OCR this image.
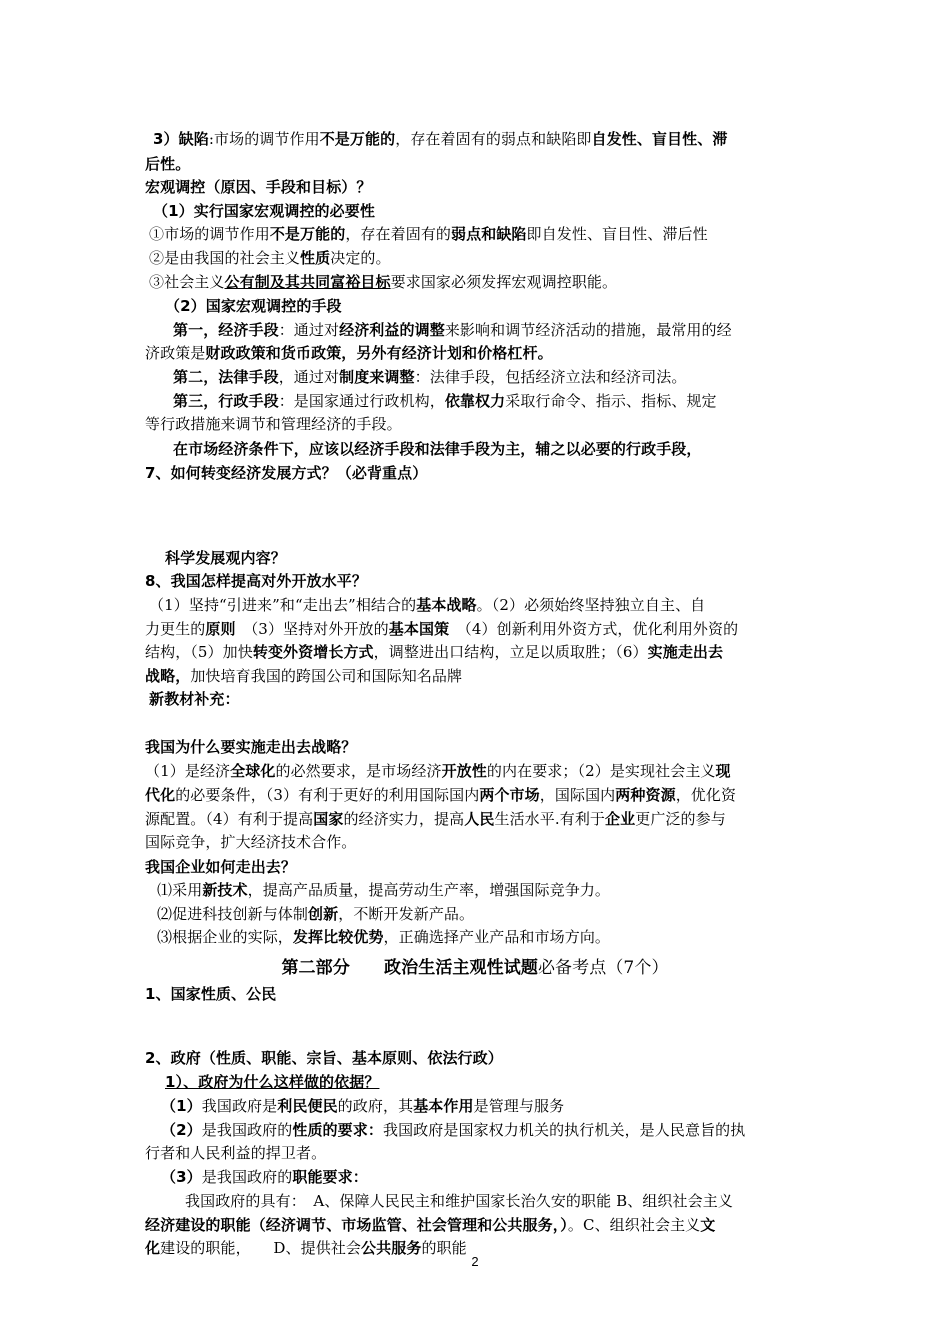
3）缺陷:市场的调节作用不是万能的，存在着固有的弱点和缺陷即自发性、盲目性、滞
后性。
宏观调控（原因、手段和目标）？
（1）实行国家宏观调控的必要性
①市场的调节作用不是万能的，存在着固有的弱点和缺陷即自发性、盲目性、滞后性
②是由我国的社会主义性质决定的。
③社会主义公有制及其共同富裕目标要求国家必须发挥宏观调控职能。
（2）国家宏观调控的手段
第一，经济手段：通过对经济利益的调整来影响和调节经济活动的措施，最常用的经
济政策是财政政策和货币政策，另外有经济计划和价格杠杆。
第二，法律手段，通过对制度来调整：法律手段，包括经济立法和经济司法。
第三，行政手段：是国家通过行政机构，依靠权力采取行命令、指示、指标、规定
等行政措施来调节和管理经济的手段。
在市场经济条件下，应该以经济手段和法律手段为主，辅之以必要的行政手段，
7、如何转变经济发展方式？（必背重点）
科学发展观内容？
8、我国怎样提高对外开放水平？
（1）坚持“引进来”和“走出去”相结合的基本战略。（2）必须始终坚持独立自主、自
力更生的原则　（3）坚持对外开放的基本国策　（4）创新利用外资方式，优化利用外资的
结构，（5）加快转变外资增长方式，调整进出口结构，立足以质取胜；（6）实施走出去
战略，加快培育我国的跨国公司和国际知名品牌
新教材补充：
我国为什么要实施走出去战略？
（1）是经济全球化的必然要求，是市场经济开放性的内在要求；（2）是实现社会主义现
代化的必要条件，（3）有利于更好的利用国际国内两个市场，国际国内两种资源，优化资
源配置。（4）有利于提高国家的经济实力，提高人民生活水平.有利于企业更广泛的参与
国际竞争，扩大经济技术合作。
我国企业如何走出去？
⑴采用新技术，提高产品质量，提高劳动生产率，增强国际竞争力。
⑵促进科技创新与体制创新，不断开发新产品。
⑶根据企业的实际，发挥比较优势，正确选择产业产品和市场方向。
第二部分　　政治生活主观性试题必备考点（7个）
1、国家性质、公民
2、政府（性质、职能、宗旨、基本原则、依法行政）
1）、政府为什么这样做的依据？
（1）我国政府是利民便民的政府，其基本作用是管理与服务
（2）是我国政府的性质的要求：我国政府是国家权力机关的执行机关，是人民意旨的执
行者和人民利益的捍卫者。
（3）是我国政府的职能要求：
我国政府的具有：　A、保障人民民主和维护国家长治久安的职能 B、组织社会主义
经济建设的职能（经济调节、市场监管、社会管理和公共服务，）。C、组织社会主义文
化建设的职能，　　D、提供社会公共服务的职能
2
